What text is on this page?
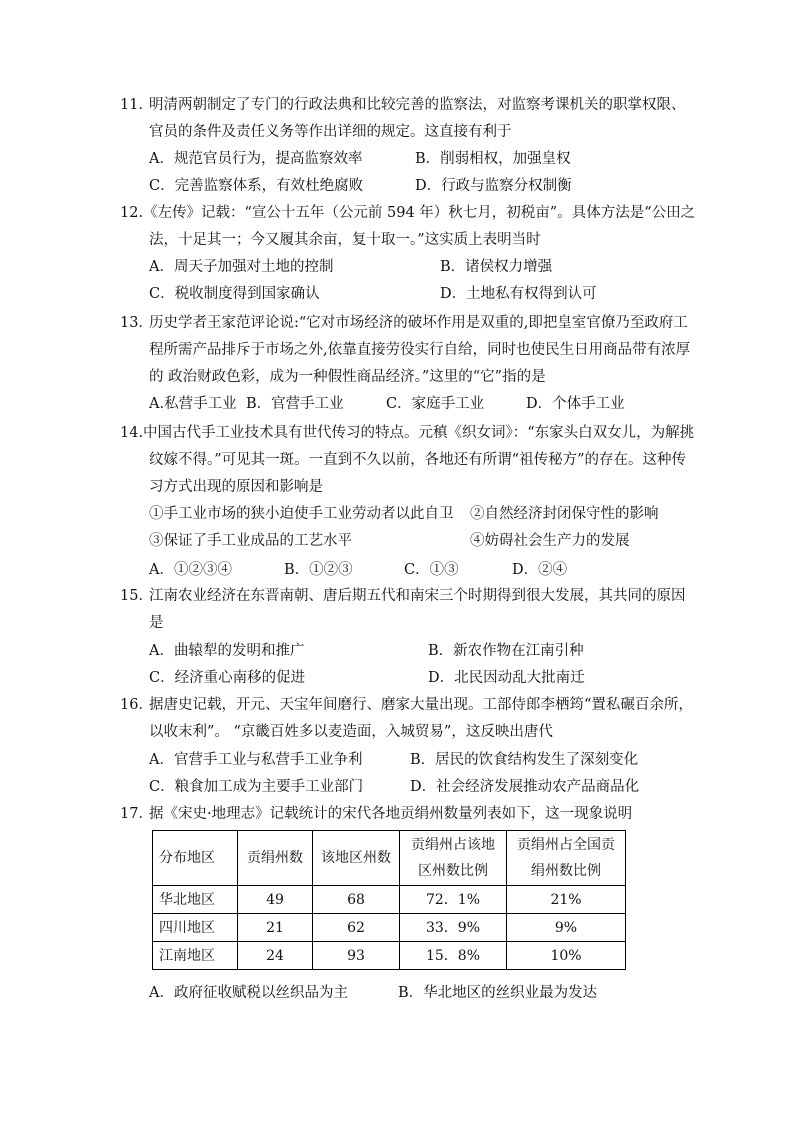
11．
明清两朝制定了专门的行政法典和比较完善的监察法，对监察考课机关的职掌权限、
官员的条件及责任义务等作出详细的规定。这直接有利于
A．规范官员行为，提高监察效率	B．削弱相权，加强皇权
C．完善监察体系，有效杜绝腐败	D．行政与监察分权制衡
12. 《左传》记载：“宣公十五年（公元前 594 年）秋七月，初税亩”。具体方法是“公田之
法，十足其一；今又履其余亩，复十取一。”这实质上表明当时
A．周天子加强对土地的控制	B．诸侯权力增强
C．税收制度得到国家确认	D．土地私有权得到认可
13．
历史学者王家范评论说:“它对市场经济的破坏作用是双重的,即把皇室官僚乃至政府工
程所需产品排斥于市场之外,依靠直接劳役实行自给，同时也使民生日用商品带有浓厚
的 政治财政色彩，成为一种假性商品经济。”这里的“它”指的是
A.私营手工业 B．官营手工业	C．家庭手工业	D．个体手工业
14. 中国古代手工业技术具有世代传习的特点。元稹《织女词》：“东家头白双女儿，为解挑
纹嫁不得。”可见其一斑。一直到不久以前，各地还有所谓“祖传秘方”的存在。这种传
习方式出现的原因和影响是
①手工业市场的狭小迫使手工业劳动者以此自卫 ②自然经济封闭保守性的影响
③保证了手工业成品的工艺水平	④妨碍社会生产力的发展
A．①②③④	B．①②③	C．①③	D．②④
15．
江南农业经济在东晋南朝、唐后期五代和南宋三个时期得到很大发展，其共同的原因
是
A．曲辕犁的发明和推广	B．新农作物在江南引种
C．经济重心南移的促进	D．北民因动乱大批南迁
16．
据唐史记载，开元、天宝年间磨行、磨家大量出现。工部侍郎李栖筠“置私碾百余所，
以收末利”。 “京畿百姓多以麦造面，入城贸易”，这反映出唐代
A．官营手工业与私营手工业争利	B．居民的饮食结构发生了深刻变化
C．粮食加工成为主要手工业部门	D．社会经济发展推动农产品商品化
17．
据《宋史·地理志》记载统计的宋代各地贡绢州数量列表如下，这一现象说明
分布地区	贡绢州数	该地区州数	贡绢州占该地区州数比例	贡绢州占全国贡绢州数比例
华北地区	49	68	72．1%	21%
四川地区	21	62	33．9%	9%
江南地区	24	93	15．8%	10%
A．政府征收赋税以丝织品为主	B．华北地区的丝织业最为发达
